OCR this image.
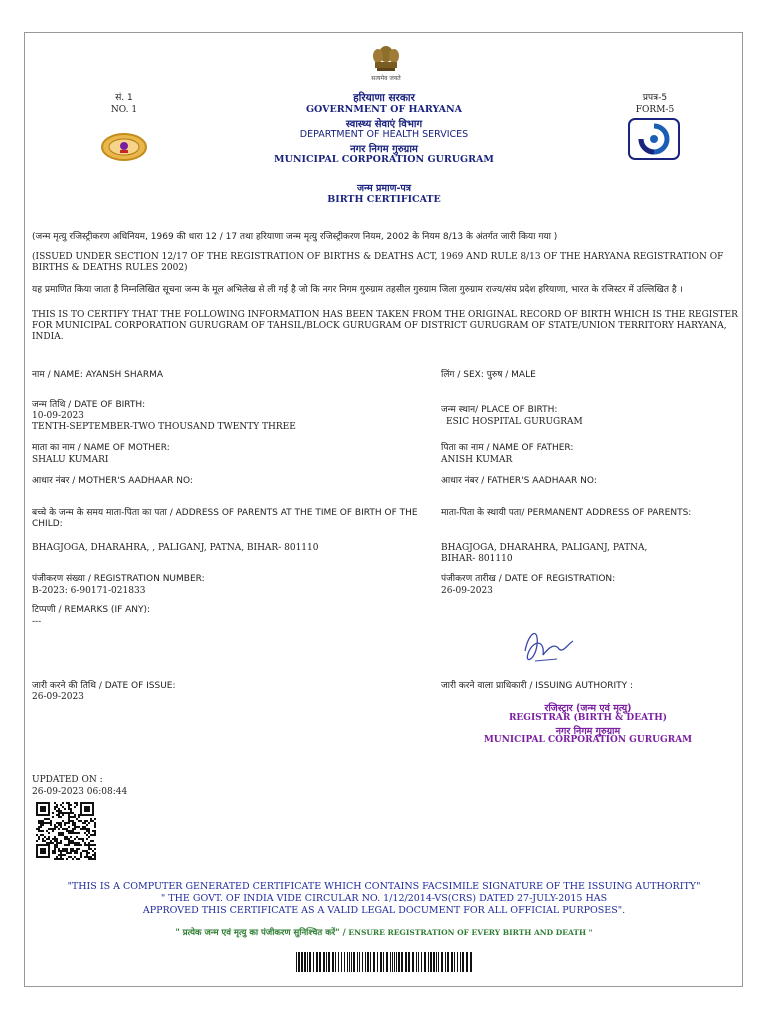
सत्यमेव जयते
सं. 1
NO. 1
प्रपत्र-5
FORM-5
हरियाणा सरकार
GOVERNMENT OF HARYANA
स्वास्थ्य सेवाएं विभाग
DEPARTMENT OF HEALTH SERVICES
नगर निगम गुरुग्राम
MUNICIPAL CORPORATION GURUGRAM
जन्म प्रमाण-पत्र
BIRTH CERTIFICATE
(जन्म मृत्यु रजिस्ट्रीकरण अधिनियम, 1969 की धारा 12 / 17 तथा हरियाणा जन्म मृत्यु रजिस्ट्रीकरण नियम, 2002 के नियम 8/13 के अंतर्गत जारी किया गया )
(ISSUED UNDER SECTION 12/17 OF THE REGISTRATION OF BIRTHS & DEATHS ACT, 1969 AND RULE 8/13 OF THE HARYANA REGISTRATION OF BIRTHS & DEATHS RULES 2002)
यह प्रमाणित किया जाता है निम्नलिखित सूचना जन्म के मूल अभिलेख से ली गई है जो कि नगर निगम गुरुग्राम तहसील गुरुग्राम जिला गुरुग्राम राज्य/संघ प्रदेश हरियाणा, भारत के रजिस्टर में उल्लिखित है ।
THIS IS TO CERTIFY THAT THE FOLLOWING INFORMATION HAS BEEN TAKEN FROM THE ORIGINAL RECORD OF BIRTH WHICH IS THE REGISTER FOR MUNICIPAL CORPORATION GURUGRAM OF TAHSIL/BLOCK GURUGRAM OF DISTRICT GURUGRAM OF STATE/UNION TERRITORY HARYANA, INDIA.
नाम / NAME: AYANSH SHARMA	लिंग / SEX: पुरुष / MALE
जन्म तिथि / DATE OF BIRTH:
10-09-2023
TENTH-SEPTEMBER-TWO THOUSAND TWENTY THREE
जन्म स्थान/ PLACE OF BIRTH:
ESIC HOSPITAL GURUGRAM
माता का नाम / NAME OF MOTHER:
SHALU KUMARI
पिता का नाम / NAME OF FATHER:
ANISH KUMAR
आधार नंबर / MOTHER'S AADHAAR NO:	आधार नंबर / FATHER'S AADHAAR NO:
बच्चे के जन्म के समय माता-पिता का पता / ADDRESS OF PARENTS AT THE TIME OF BIRTH OF THE CHILD:
BHAGJOGA, DHARAHRA, , PALIGANJ, PATNA, BIHAR- 801110
माता-पिता के स्थायी पता/ PERMANENT ADDRESS OF PARENTS:
BHAGJOGA, DHARAHRA, PALIGANJ, PATNA,
BIHAR- 801110
पंजीकरण संख्या / REGISTRATION NUMBER:
B-2023: 6-90171-021833
पंजीकरण तारीख / DATE OF REGISTRATION:
26-09-2023
टिप्पणी / REMARKS (IF ANY):
---
जारी करने की तिथि / DATE OF ISSUE:
26-09-2023
जारी करने वाला प्राधिकारी / ISSUING AUTHORITY :
रजिस्ट्रार (जन्म एवं मृत्यु)
REGISTRAR (BIRTH & DEATH)
नगर निगम गुरुग्राम
MUNICIPAL CORPORATION GURUGRAM
UPDATED ON :
26-09-2023 06:08:44
"THIS IS A COMPUTER GENERATED CERTIFICATE WHICH CONTAINS FACSIMILE SIGNATURE OF THE ISSUING AUTHORITY"
" THE GOVT. OF INDIA VIDE CIRCULAR NO. 1/12/2014-VS(CRS) DATED 27-JULY-2015 HAS
APPROVED THIS CERTIFICATE AS A VALID LEGAL DOCUMENT FOR ALL OFFICIAL PURPOSES".
" प्रत्येक जन्म एवं मृत्यु का पंजीकरण सुनिश्चित करें" / ENSURE REGISTRATION OF EVERY BIRTH AND DEATH "
